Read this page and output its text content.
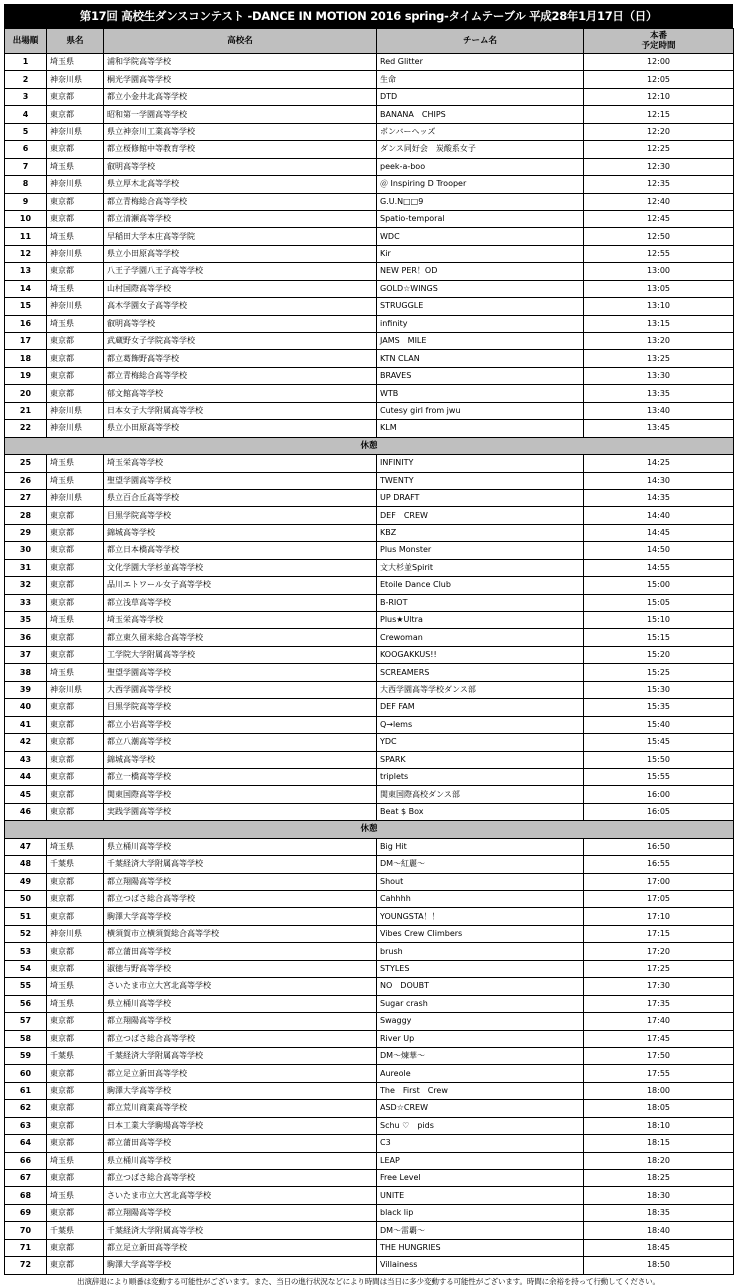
第17回 高校生ダンスコンテスト -DANCE IN MOTION 2016 spring-タイムテーブル 平成28年1月17日（日）
出場順	県名	高校名	チーム名	本番
予定時間

1	埼玉県	浦和学院高等学校	Red Glitter	12:00
2	神奈川県	桐光学園高等学校	生命	12:05
3	東京都	都立小金井北高等学校	DTD	12:10
4	東京都	昭和第一学園高等学校	BANANA　CHIPS	12:15
5	神奈川県	県立神奈川工業高等学校	ボンバーヘッズ	12:20
6	東京都	都立桜修館中等教育学校	ダンス同好会　炭酸系女子	12:25
7	埼玉県	叡明高等学校	peek-a-boo	12:30
8	神奈川県	県立厚木北高等学校	＠ Inspiring D Trooper	12:35
9	東京都	都立青梅総合高等学校	G.U.N□□9	12:40
10	東京都	都立清瀬高等学校	Spatio-temporal	12:45
11	埼玉県	早稲田大学本庄高等学院	WDC	12:50
12	神奈川県	県立小田原高等学校	Kir	12:55
13	東京都	八王子学園八王子高等学校	NEW PER！OD	13:00
14	埼玉県	山村国際高等学校	GOLD☆WINGS	13:05
15	神奈川県	高木学園女子高等学校	STRUGGLE	13:10
16	埼玉県	叡明高等学校	infinity	13:15
17	東京都	武蔵野女子学院高等学校	JAMS　MILE	13:20
18	東京都	都立葛飾野高等学校	KTN CLAN	13:25
19	東京都	都立青梅総合高等学校	BRAVES	13:30
20	東京都	郁文館高等学校	WTB	13:35
21	神奈川県	日本女子大学附属高等学校	Cutesy girl from jwu	13:40
22	神奈川県	県立小田原高等学校	KLM	13:45
休憩				
25	埼玉県	埼玉栄高等学校	INFINITY	14:25
26	埼玉県	聖望学園高等学校	TWENTY	14:30
27	神奈川県	県立百合丘高等学校	UP DRAFT	14:35
28	東京都	目黒学院高等学校	DEF　CREW	14:40
29	東京都	錦城高等学校	KBZ	14:45
30	東京都	都立日本橋高等学校	Plus Monster	14:50
31	東京都	文化学園大学杉並高等学校	文大杉並Spirit	14:55
32	東京都	品川エトワール女子高等学校	Etoile Dance Club	15:00
33	東京都	都立浅草高等学校	B-RIOT	15:05
35	埼玉県	埼玉栄高等学校	Plus★Ultra	15:10
36	東京都	都立東久留米総合高等学校	Crewoman	15:15
37	東京都	工学院大学附属高等学校	KOOGAKKUS!!	15:20
38	埼玉県	聖望学園高等学校	SCREAMERS	15:25
39	神奈川県	大西学園高等学校	大西学園高等学校ダンス部	15:30
40	東京都	目黒学院高等学校	DEF FAM	15:35
41	東京都	都立小岩高等学校	Q→lems	15:40
42	東京都	都立八潮高等学校	YDC	15:45
43	東京都	錦城高等学校	SPARK	15:50
44	東京都	都立一橋高等学校	triplets	15:55
45	東京都	関東国際高等学校	関東国際高校ダンス部	16:00
46	東京都	実践学園高等学校	Beat $ Box	16:05
休憩				
47	埼玉県	県立桶川高等学校	Big Hit	16:50
48	千葉県	千葉経済大学附属高等学校	DM～紅麗～	16:55
49	東京都	都立翔陽高等学校	Shout	17:00
50	東京都	都立つばさ総合高等学校	Cahhhh	17:05
51	東京都	駒澤大学高等学校	YOUNGSTA！！	17:10
52	神奈川県	横須賀市立横須賀総合高等学校	Vibes Crew Climbers	17:15
53	東京都	都立蒲田高等学校	brush	17:20
54	東京都	淑徳与野高等学校	STYLES	17:25
55	埼玉県	さいたま市立大宮北高等学校	NO　DOUBT	17:30
56	埼玉県	県立桶川高等学校	Sugar crash	17:35
57	東京都	都立翔陽高等学校	Swaggy	17:40
58	東京都	都立つばさ総合高等学校	River Up	17:45
59	千葉県	千葉経済大学附属高等学校	DM～煉華～	17:50
60	東京都	都立足立新田高等学校	Aureole	17:55
61	東京都	駒澤大学高等学校	The　First　Crew	18:00
62	東京都	都立荒川商業高等学校	ASD☆CREW	18:05
63	東京都	日本工業大学駒場高等学校	Schu ♡　pids	18:10
64	東京都	都立蒲田高等学校	C3	18:15
66	埼玉県	県立桶川高等学校	LEAP	18:20
67	東京都	都立つばさ総合高等学校	Free Level	18:25
68	埼玉県	さいたま市立大宮北高等学校	UNITE	18:30
69	東京都	都立翔陽高等学校	black lip	18:35
70	千葉県	千葉経済大学附属高等学校	DM～雷覇～	18:40
71	東京都	都立足立新田高等学校	THE HUNGRIES	18:45
72	東京都	駒澤大学高等学校	Villainess	18:50
出演辞退により順番は変動する可能性がございます。また、当日の進行状況などにより時間は当日に多少変動する可能性がございます。時間に余裕を持って行動してください。
